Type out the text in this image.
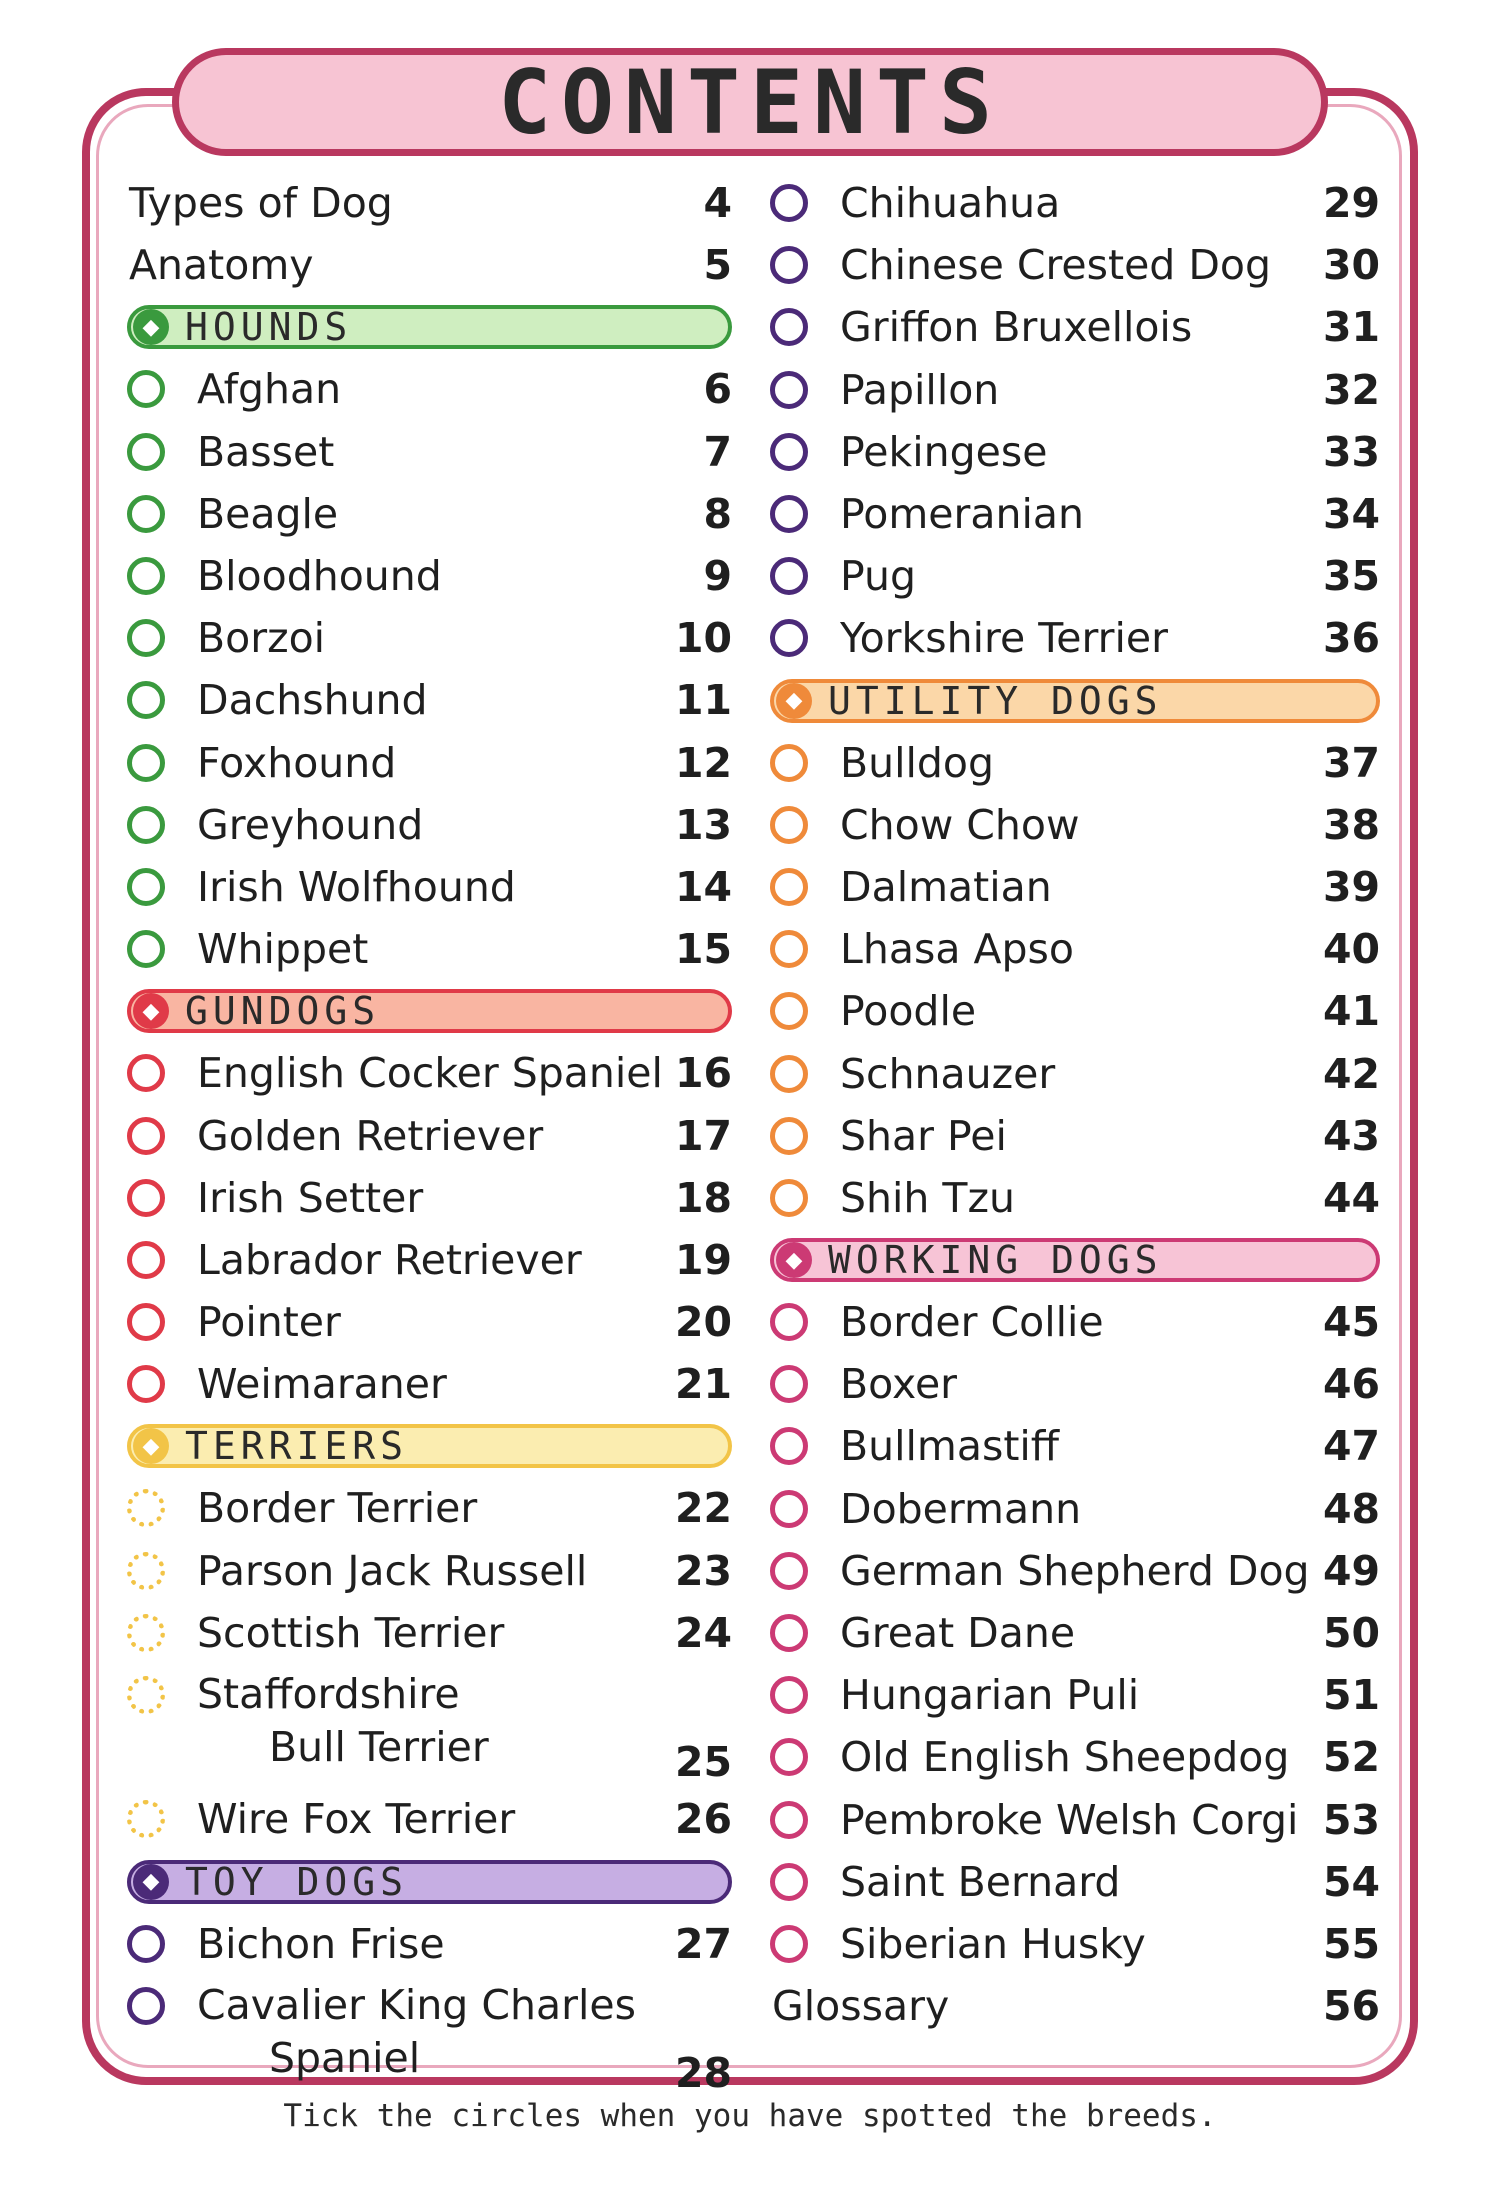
CONTENTS
Types of Dog	4
Anatomy	5
◆ HOUNDS
Afghan	6
Basset	7
Beagle	8
Bloodhound	9
Borzoi	10
Dachshund	11
Foxhound	12
Greyhound	13
Irish Wolfhound	14
Whippet	15
◆ GUNDOGS
English Cocker Spaniel 16
Golden Retriever	17
Irish Setter	18
Labrador Retriever	19
Pointer	20
Weimaraner	21
◆ TERRIERS
Border Terrier	22
Parson Jack Russell	23
Scottish Terrier	24
Staffordshire
Bull Terrier	25
Wire Fox Terrier	26
◆ TOY DOGS
Bichon Frise	27
Cavalier King Charles
Spaniel	28
Chihuahua	29
Chinese Crested Dog	30
Griffon Bruxellois	31
Papillon	32
Pekingese	33
Pomeranian	34
Pug	35
Yorkshire Terrier	36
◆ UTILITY DOGS
Bulldog	37
Chow Chow	38
Dalmatian	39
Lhasa Apso	40
Poodle	41
Schnauzer	42
Shar Pei	43
Shih Tzu	44
◆ WORKING DOGS
Border Collie	45
Boxer	46
Bullmastiff	47
Dobermann	48
German Shepherd Dog 49
Great Dane	50
Hungarian Puli	51
Old English Sheepdog 52
Pembroke Welsh Corgi 53
Saint Bernard	54
Siberian Husky	55
Glossary	56
Tick the circles when you have spotted the breeds.
